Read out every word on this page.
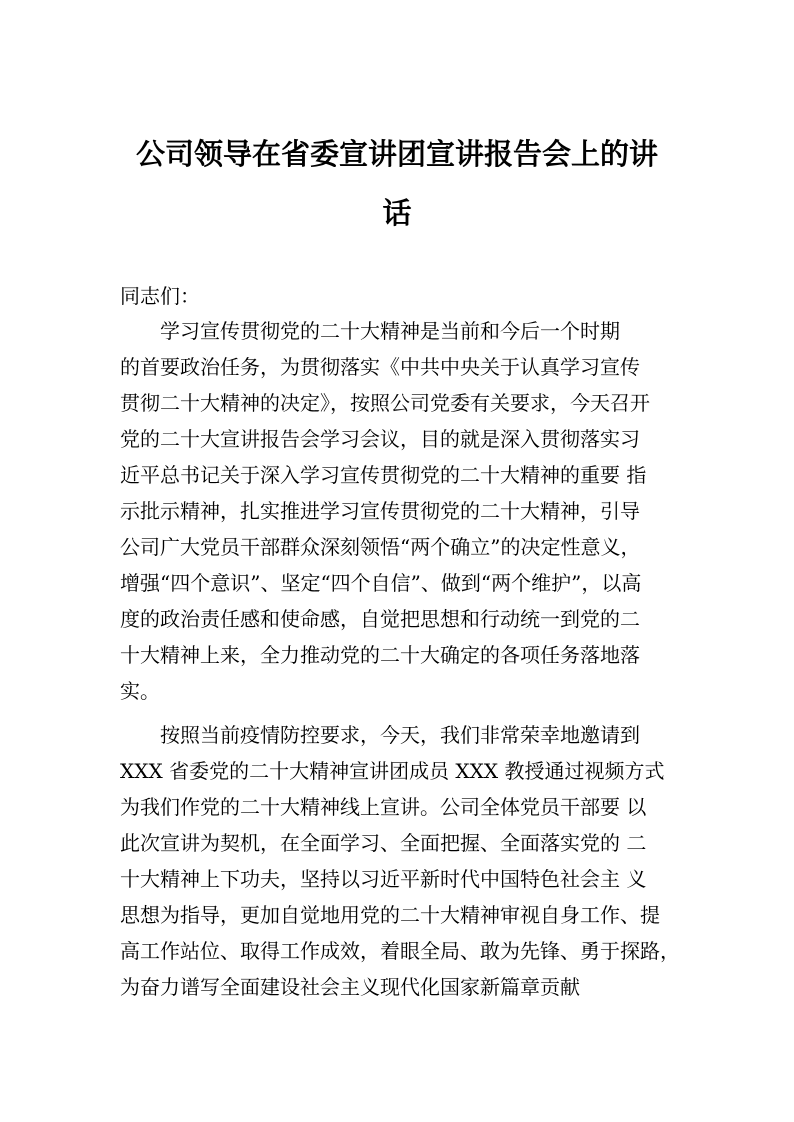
公司领导在省委宣讲团宣讲报告会上的讲
话
同志们：
学习宣传贯彻党的二十大精神是当前和今后一个时期
的首要政治任务，为贯彻落实《中共中央关于认真学习宣传
贯彻二十大精神的决定》，按照公司党委有关要求，今天召开
党的二十大宣讲报告会学习会议，目的就是深入贯彻落实习
近平总书记关于深入学习宣传贯彻党的二十大精神的重要 指
示批示精神，扎实推进学习宣传贯彻党的二十大精神，引导
公司广大党员干部群众深刻领悟“两个确立”的决定性意义，
增强“四个意识”、坚定“四个自信”、做到“两个维护”，以高
度的政治责任感和使命感，自觉把思想和行动统一到党的二
十大精神上来，全力推动党的二十大确定的各项任务落地落
实。
按照当前疫情防控要求，今天，我们非常荣幸地邀请到
XXX 省委党的二十大精神宣讲团成员 XXX 教授通过视频方式
为我们作党的二十大精神线上宣讲。公司全体党员干部要 以
此次宣讲为契机，在全面学习、全面把握、全面落实党的 二
十大精神上下功夫，坚持以习近平新时代中国特色社会主 义
思想为指导，更加自觉地用党的二十大精神审视自身工作、提
高工作站位、取得工作成效，着眼全局、敢为先锋、勇于探路，
为奋力谱写全面建设社会主义现代化国家新篇章贡献
